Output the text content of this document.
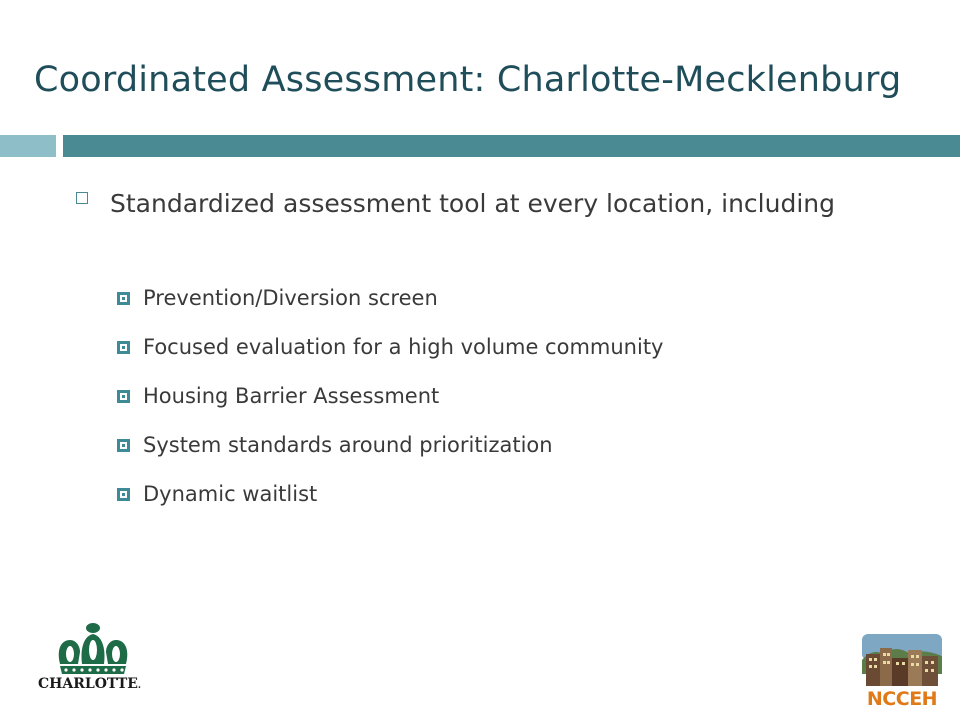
Coordinated Assessment: Charlotte-Mecklenburg
Standardized assessment tool at every location, including
Prevention/Diversion screen
Focused evaluation for a high volume community
Housing Barrier Assessment
System standards around prioritization
Dynamic waitlist
CHARLOTTE.
NCCEH
